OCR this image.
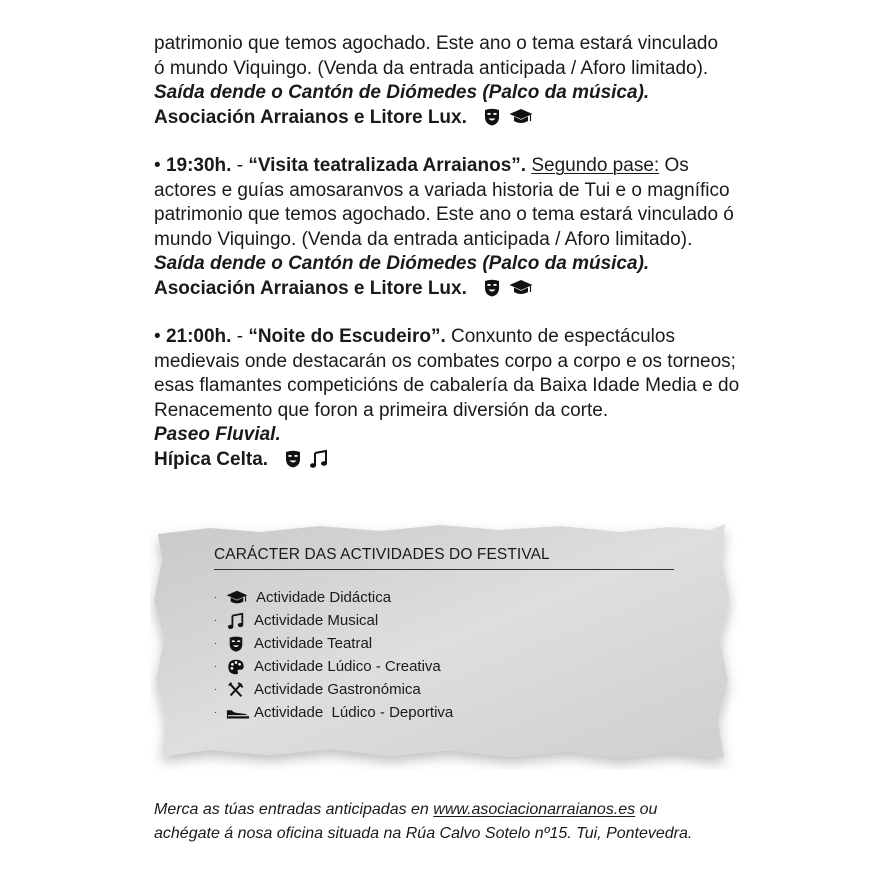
patrimonio que temos agochado. Este ano o tema estará vinculado
ó mundo Viquingo. (Venda da entrada anticipada / Aforo limitado).

Saída dende o Cantón de Diómedes (Palco da música).

Asociación Arraianos e Litore Lux.

• 19:30h. - “Visita teatralizada Arraianos”. Segundo pase: Os actores e guías amosaranvos a variada historia de Tui e o magnífico patrimonio que temos agochado. Este ano o tema estará vinculado ó mundo Viquingo. (Venda da entrada anticipada / Aforo limitado).

Saída dende o Cantón de Diómedes (Palco da música).

Asociación Arraianos e Litore Lux.

• 21:00h. - “Noite do Escudeiro”. Conxunto de espectáculos medievais onde destacarán os combates corpo a corpo e os torneos; esas flamantes competicións de cabalería da Baixa Idade Media e do Renacemento que foron a primeira diversión da corte.

Paseo Fluvial.

Hípica Celta.

CARÁCTER DAS ACTIVIDADES DO FESTIVAL
·	Actividade Didáctica
·	Actividade Musical
·	Actividade Teatral
·	Actividade Lúdico - Creativa
·	Actividade Gastronómica
·	Actividade  Lúdico - Deportiva
Merca as túas entradas anticipadas en www.asociacionarraianos.es ou
achégate á nosa oficina situada na Rúa Calvo Sotelo nº15. Tui, Pontevedra.
